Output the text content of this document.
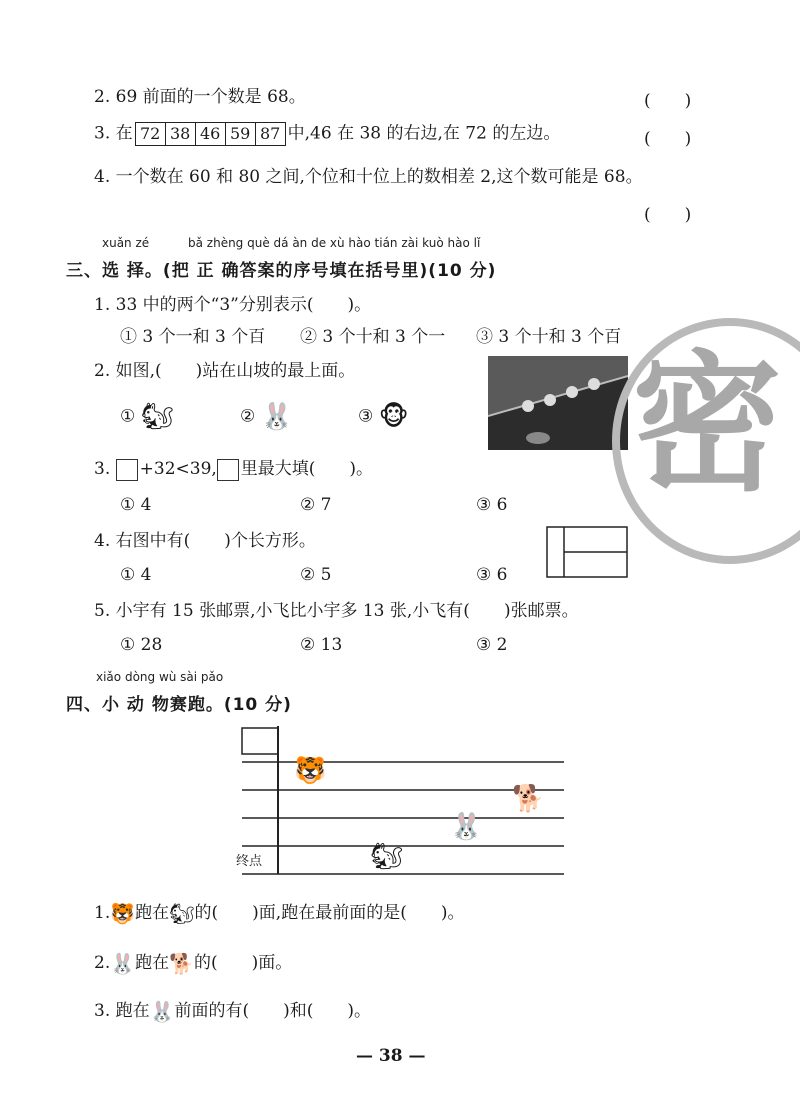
2. 69 前面的一个数是 68。	(　　)
3. 在 72 38 46 59 87 中,46 在 38 的右边,在 72 的左边。	(　　)
4. 一个数在 60 和 80 之间,个位和十位上的数相差 2,这个数可能是 68。
(　　)
xuǎn zé	bǎ zhèng què dá àn de xù hào tián zài kuò hào lǐ
三、选 择。(把 正 确答案的序号填在括号里)(10 分)
1. 33 中的两个“3”分别表示(　　)。
① 3 个一和 3 个百 ② 3 个十和 3 个一 ③ 3 个十和 3 个百
2. 如图,(　　)站在山坡的最上面。
① 🐿	② 🐰	③ 🐵
3. +32<39, 里最大填(　　)。
① 4	② 7	③ 6
4. 右图中有(　　)个长方形。
① 4	② 5	③ 6
5. 小宇有 15 张邮票,小飞比小宇多 13 张,小飞有(　　)张邮票。
① 28	② 13	③ 2
密
xiǎo dòng wù sài pǎo
四、小 动 物赛跑。(10 分)
终点
🐯
🐕
🐰
🐿
1.🐯跑在🐿的(　　)面,跑在最前面的是(　　)。
2.🐰跑在🐕的(　　)面。
3. 跑在🐰前面的有(　　)和(　　)。
— 38 —
